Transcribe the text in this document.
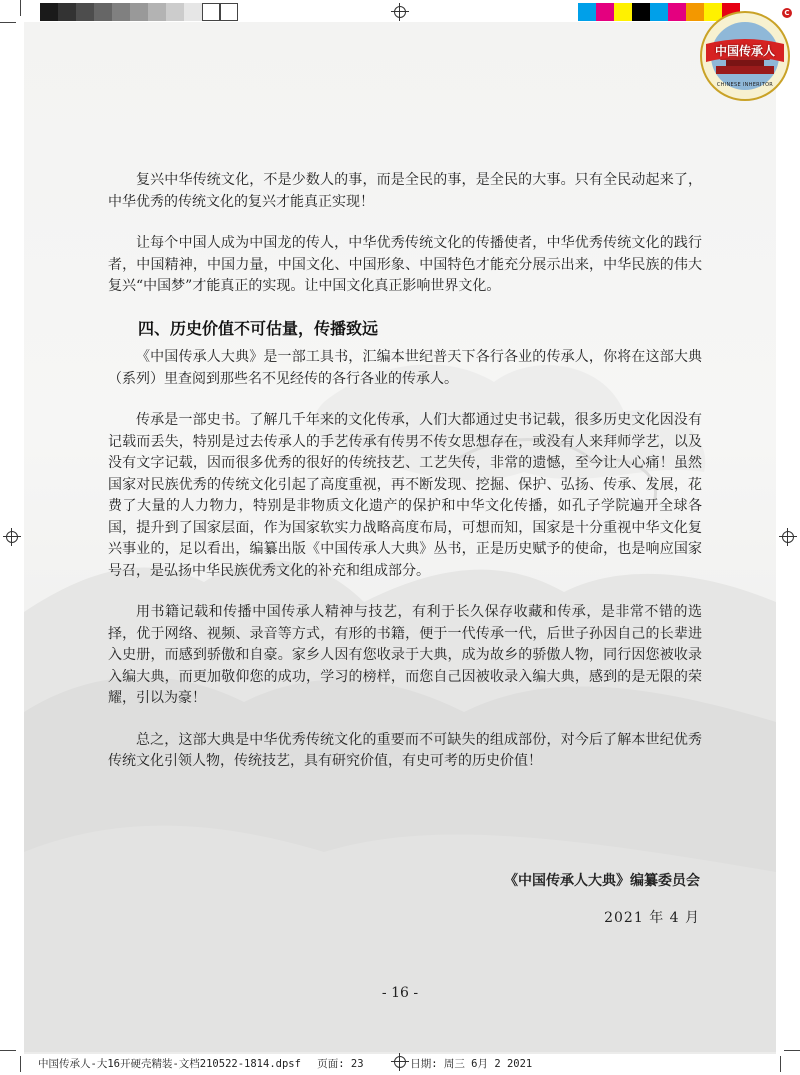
中国传承人
CHINESE INHERITOR
C

复兴中华传统文化，不是少数人的事，而是全民的事，是全民的大事。只有全民动起来了，中华优秀的传统文化的复兴才能真正实现！

让每个中国人成为中国龙的传人，中华优秀传统文化的传播使者，中华优秀传统文化的践行者，中国精神，中国力量，中国文化、中国形象、中国特色才能充分展示出来，中华民族的伟大复兴“中国梦”才能真正的实现。让中国文化真正影响世界文化。

四、历史价值不可估量，传播致远

《中国传承人大典》是一部工具书，汇编本世纪普天下各行各业的传承人，你将在这部大典（系列）里查阅到那些名不见经传的各行各业的传承人。

传承是一部史书。了解几千年来的文化传承，人们大都通过史书记载，很多历史文化因没有记载而丢失，特别是过去传承人的手艺传承有传男不传女思想存在，或没有人来拜师学艺，以及没有文字记载，因而很多优秀的很好的传统技艺、工艺失传，非常的遗憾，至今让人心痛！虽然国家对民族优秀的传统文化引起了高度重视，再不断发现、挖掘、保护、弘扬、传承、发展，花费了大量的人力物力，特别是非物质文化遗产的保护和中华文化传播，如孔子学院遍开全球各国，提升到了国家层面，作为国家软实力战略高度布局，可想而知，国家是十分重视中华文化复兴事业的，足以看出，编纂出版《中国传承人大典》丛书，正是历史赋予的使命，也是响应国家号召，是弘扬中华民族优秀文化的补充和组成部分。

用书籍记载和传播中国传承人精神与技艺，有利于长久保存收藏和传承，是非常不错的选择，优于网络、视频、录音等方式，有形的书籍，便于一代传承一代，后世子孙因自己的长辈进入史册，而感到骄傲和自豪。家乡人因有您收录于大典，成为故乡的骄傲人物，同行因您被收录入编大典，而更加敬仰您的成功，学习的榜样，而您自己因被收录入编大典，感到的是无限的荣耀，引以为豪！

总之，这部大典是中华优秀传统文化的重要而不可缺失的组成部份，对今后了解本世纪优秀传统文化引领人物，传统技艺，具有研究价值，有史可考的历史价值！

《中国传承人大典》编纂委员会
2021 年 4 月
- 16 -
中国传承人-大16开硬壳精装-文档210522-1814.dpsf 页面: 23	日期: 周三 6月 2 2021
